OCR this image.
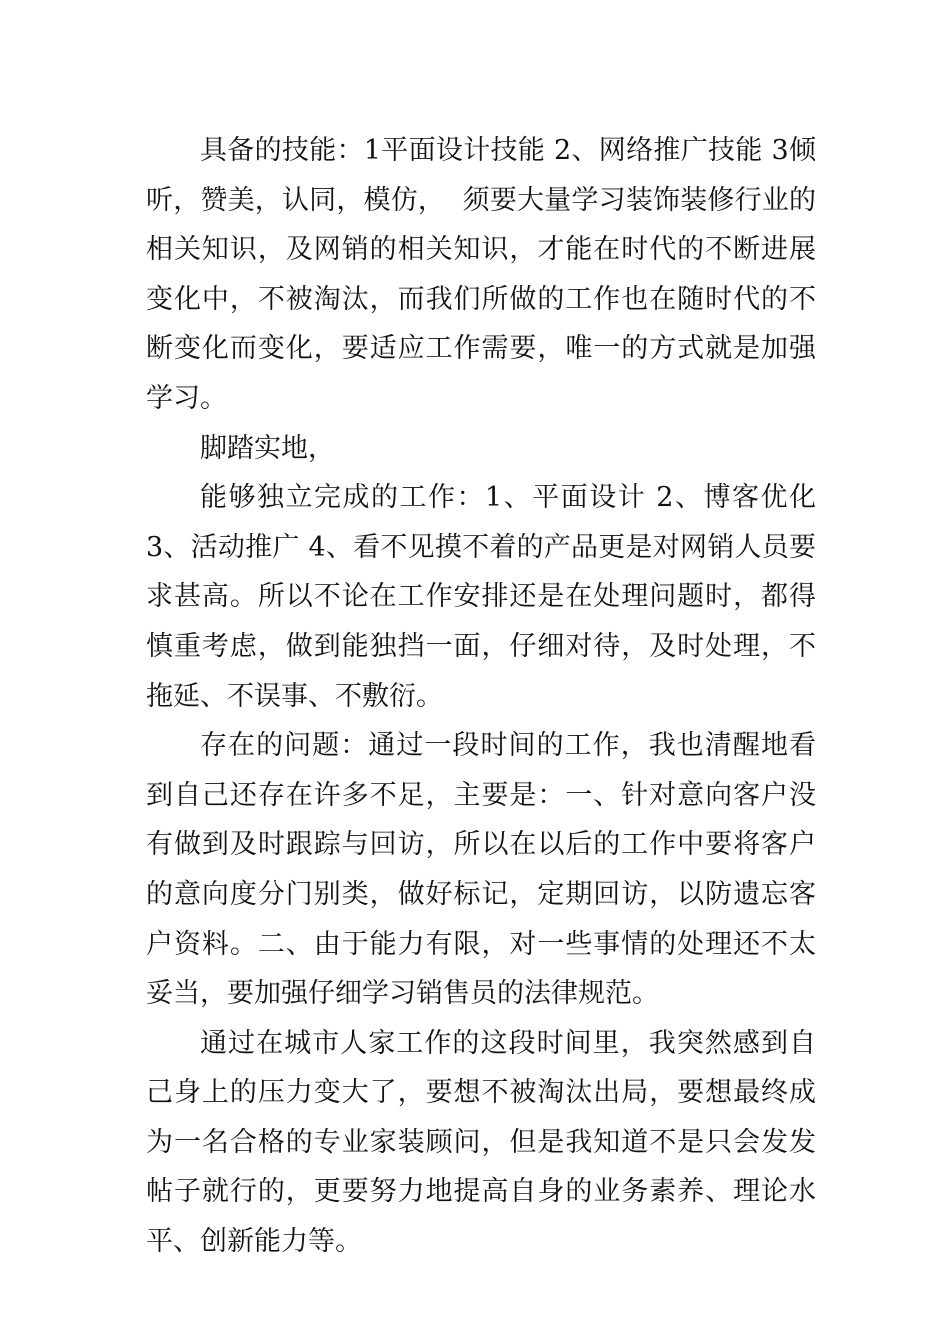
具备的技能：1平面设计技能 2、网络推广技能 3倾听，赞美，认同，模仿，  须要大量学习装饰装修行业的相关知识，及网销的相关知识，才能在时代的不断进展变化中，不被淘汰，而我们所做的工作也在随时代的不断变化而变化，要适应工作需要，唯一的方式就是加强学习。

脚踏实地，

能够独立完成的工作：1、平面设计 2、博客优化 3、活动推广 4、看不见摸不着的产品更是对网销人员要求甚高。所以不论在工作安排还是在处理问题时，都得慎重考虑，做到能独挡一面，仔细对待，及时处理，不拖延、不误事、不敷衍。

存在的问题：通过一段时间的工作，我也清醒地看到自己还存在许多不足，主要是：一、针对意向客户没有做到及时跟踪与回访，所以在以后的工作中要将客户的意向度分门别类，做好标记，定期回访，以防遗忘客户资料。二、由于能力有限，对一些事情的处理还不太妥当，要加强仔细学习销售员的法律规范。

通过在城市人家工作的这段时间里，我突然感到自己身上的压力变大了，要想不被淘汰出局，要想最终成为一名合格的专业家装顾问，但是我知道不是只会发发帖子就行的，更要努力地提高自身的业务素养、理论水平、创新能力等。
